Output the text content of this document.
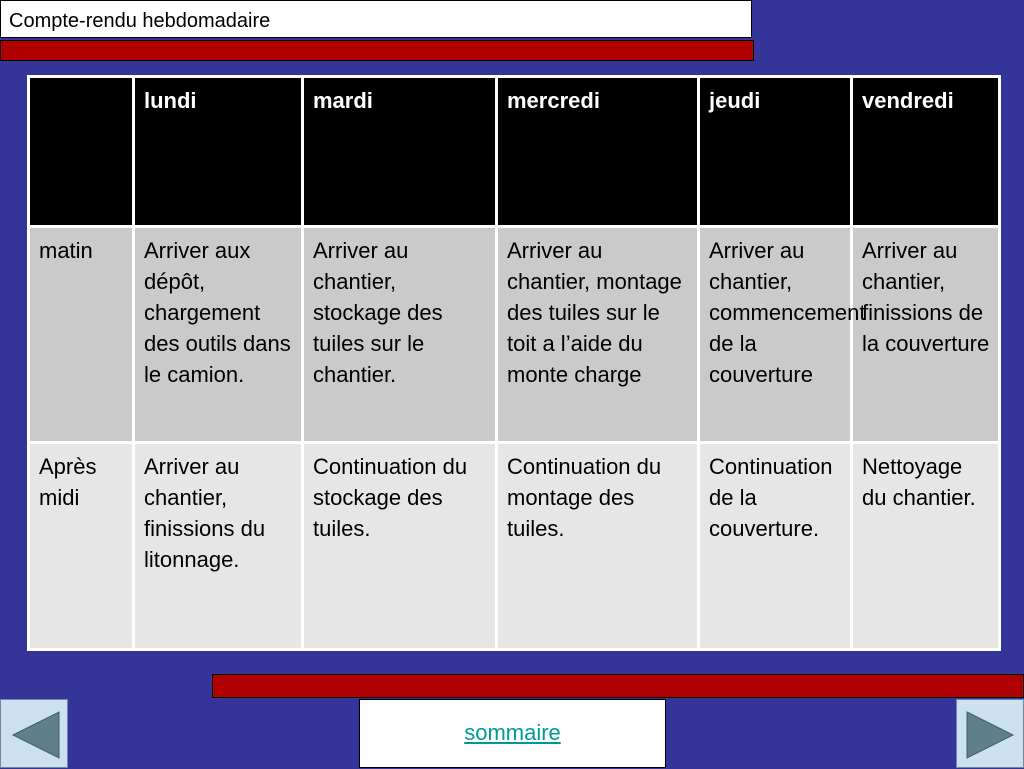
Compte-rendu hebdomadaire
	lundi	mardi	mercredi	jeudi	vendredi
matin	Arriver aux dépôt, chargement des outils dans le camion.	Arriver au chantier, stockage des tuiles sur le chantier.	Arriver au chantier, montage des tuiles sur le toit a l’aide du monte charge	Arriver au chantier, commencement de la couverture	Arriver au chantier, finissions de la couverture
Après midi	Arriver au chantier, finissions du litonnage.	Continuation du stockage des tuiles.	Continuation du montage des tuiles.	Continuation de la couverture.	Nettoyage du chantier.
sommaire
